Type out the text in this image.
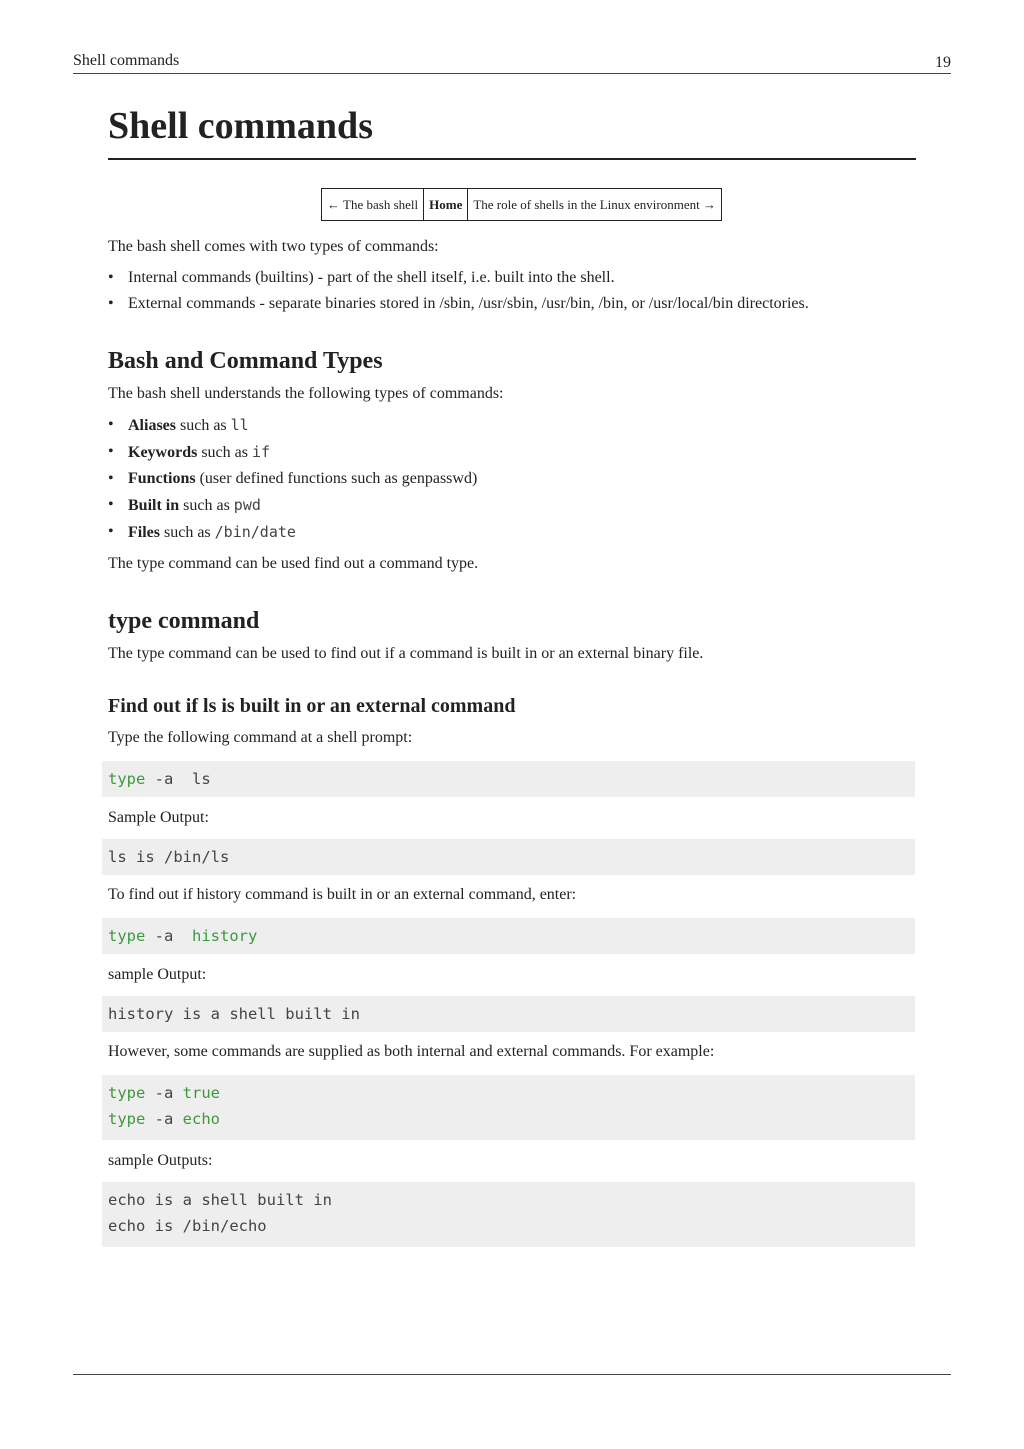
Shell commands	19
Shell commands
← The bash shell Home The role of shells in the Linux environment →

The bash shell comes with two types of commands:

• Internal commands (builtins) - part of the shell itself, i.e. built into the shell.
• External commands - separate binaries stored in /sbin, /usr/sbin, /usr/bin, /bin, or /usr/local/bin directories.
Bash and Command Types

The bash shell understands the following types of commands:

• Aliases such as ll
• Keywords such as if
• Functions (user defined functions such as genpasswd)
• Built in such as pwd
• Files such as /bin/date

The type command can be used find out a command type.

type command

The type command can be used to find out if a command is built in or an external binary file.

Find out if ls is built in or an external command

Type the following command at a shell prompt:

type -a  ls

Sample Output:

ls is /bin/ls

To find out if history command is built in or an external command, enter:

type -a  history

sample Output:

history is a shell built in

However, some commands are supplied as both internal and external commands. For example:

type -a true
type -a echo

sample Outputs:

echo is a shell built in
echo is /bin/echo
